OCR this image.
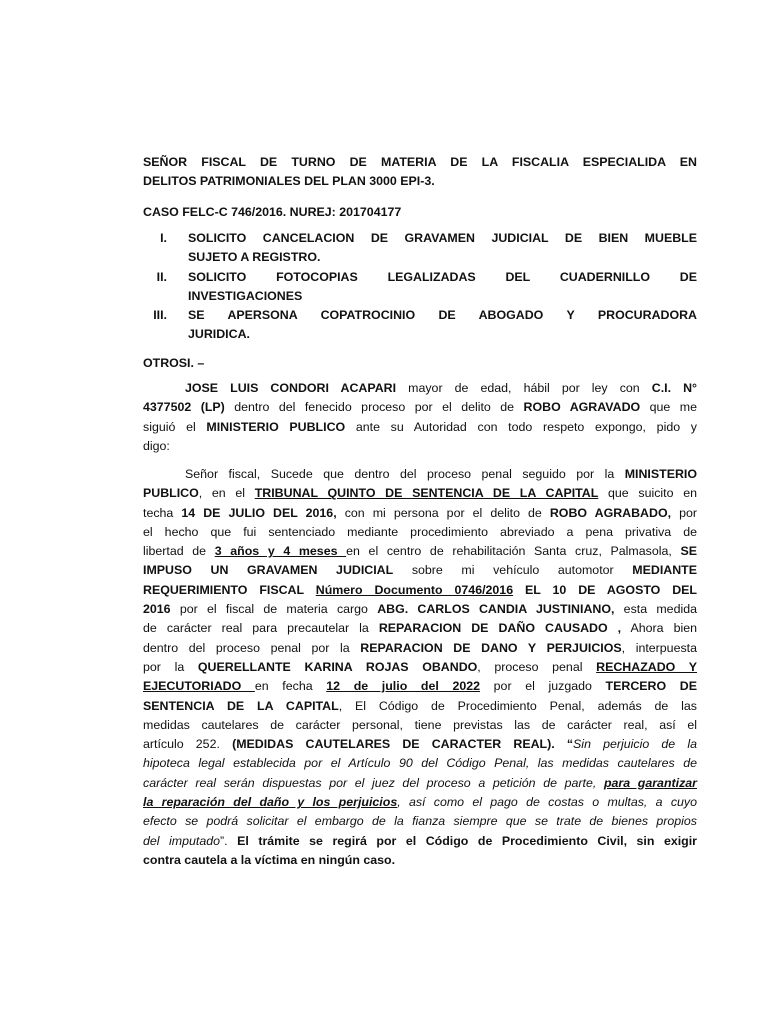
SEÑOR FISCAL DE TURNO DE MATERIA DE LA FISCALIA ESPECIALIDA EN

DELITOS PATRIMONIALES DEL PLAN 3000 EPI-3.

CASO FELC-C 746/2016. NUREJ: 201704177
I. SOLICITO CANCELACION DE GRAVAMEN JUDICIAL DE BIEN MUEBLE

SUJETO A REGISTRO.

II. SOLICITO FOTOCOPIAS LEGALIZADAS DEL CUADERNILLO DE

INVESTIGACIONES

III. SE APERSONA COPATROCINIO DE ABOGADO Y PROCURADORA

JURIDICA.

OTROSI. –

JOSE LUIS CONDORI ACAPARI mayor de edad, hábil por ley con C.I. N°

4377502 (LP) dentro del fenecido proceso por el delito de ROBO AGRAVADO que me

siguió el MINISTERIO PUBLICO ante su Autoridad con todo respeto expongo, pido y

digo:

Señor fiscal, Sucede que dentro del proceso penal seguido por la MINISTERIO

PUBLICO, en el TRIBUNAL QUINTO DE SENTENCIA DE LA CAPITAL que suicito en

techa 14 DE JULIO DEL 2016, con mi persona por el delito de ROBO AGRABADO, por

el hecho que fui sentenciado mediante procedimiento abreviado a pena privativa de

libertad de 3 años y 4 meses en el centro de rehabilitación Santa cruz, Palmasola, SE

IMPUSO UN GRAVAMEN JUDICIAL sobre mi vehículo automotor MEDIANTE

REQUERIMIENTO FISCAL Número Documento 0746/2016 EL 10 DE AGOSTO DEL

2016 por el fiscal de materia cargo ABG. CARLOS CANDIA JUSTINIANO, esta medida

de carácter real para precautelar la REPARACION DE DAÑO CAUSADO , Ahora bien

dentro del proceso penal por la REPARACION DE DANO Y PERJUICIOS, interpuesta

por la QUERELLANTE KARINA ROJAS OBANDO, proceso penal RECHAZADO Y

EJECUTORIADO en fecha 12 de julio del 2022 por el juzgado TERCERO DE

SENTENCIA DE LA CAPITAL, El Código de Procedimiento Penal, además de las

medidas cautelares de carácter personal, tiene previstas las de carácter real, así el

artículo 252. (MEDIDAS CAUTELARES DE CARACTER REAL). “Sin perjuicio de la

hipoteca legal establecida por el Artículo 90 del Código Penal, las medidas cautelares de

carácter real serán dispuestas por el juez del proceso a petición de parte, para garantizar

la reparación del daño y los perjuicios, así como el pago de costas o multas, a cuyo

efecto se podrá solicitar el embargo de la fianza siempre que se trate de bienes propios

del imputado”. El trámite se regirá por el Código de Procedimiento Civil, sin exigir

contra cautela a la víctima en ningún caso.
